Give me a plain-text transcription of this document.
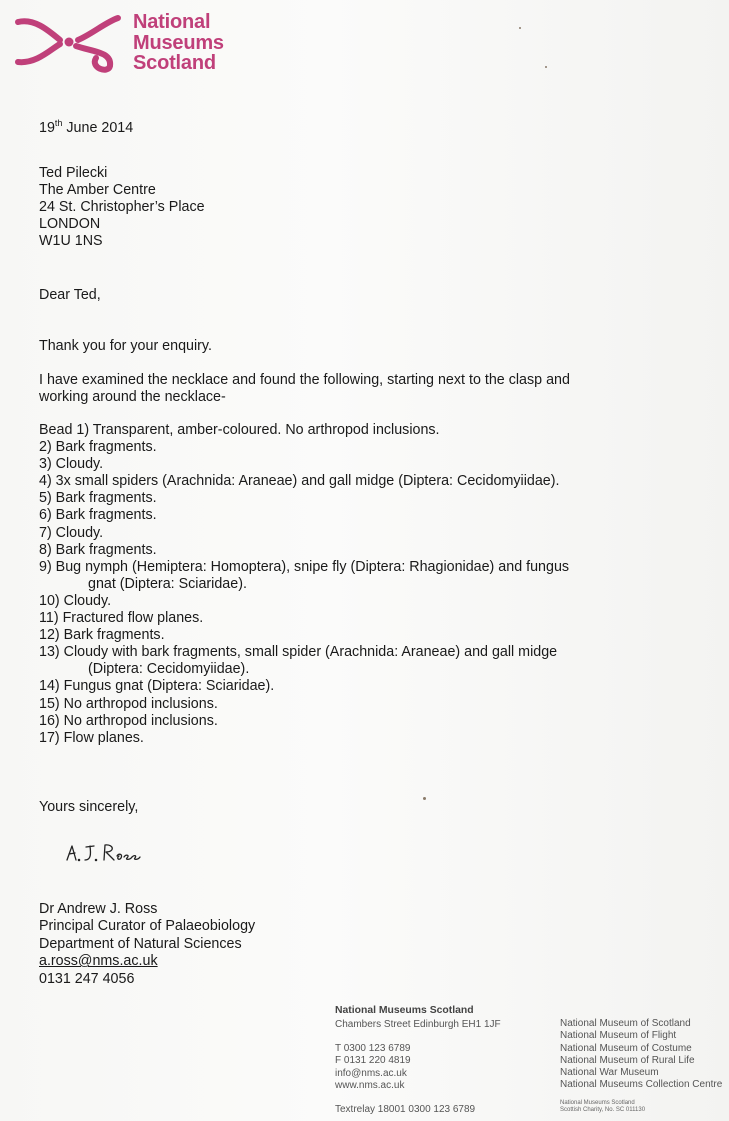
National
Museums
Scotland
19th June 2014
Ted Pilecki
The Amber Centre
24 St. Christopher’s Place
LONDON
W1U 1NS
Dear Ted,
Thank you for your enquiry.
I have examined the necklace and found the following, starting next to the clasp and
working around the necklace-
Bead 1) Transparent, amber-coloured. No arthropod inclusions.
2) Bark fragments.
3) Cloudy.
4) 3x small spiders (Arachnida: Araneae) and gall midge (Diptera: Cecidomyiidae).
5) Bark fragments.
6) Bark fragments.
7) Cloudy.
8) Bark fragments.
9) Bug nymph (Hemiptera: Homoptera), snipe fly (Diptera: Rhagionidae) and fungus
gnat (Diptera: Sciaridae).
10) Cloudy.
11) Fractured flow planes.
12) Bark fragments.
13) Cloudy with bark fragments, small spider (Arachnida: Araneae) and gall midge
(Diptera: Cecidomyiidae).
14) Fungus gnat (Diptera: Sciaridae).
15) No arthropod inclusions.
16) No arthropod inclusions.
17) Flow planes.
Yours sincerely,
Dr Andrew J. Ross
Principal Curator of Palaeobiology
Department of Natural Sciences
a.ross@nms.ac.uk
0131 247 4056
National Museums Scotland
Chambers Street Edinburgh EH1 1JF
T 0300 123 6789
F 0131 220 4819
info@nms.ac.uk
www.nms.ac.uk
Textrelay 18001 0300 123 6789
National Museum of Scotland
National Museum of Flight
National Museum of Costume
National Museum of Rural Life
National War Museum
National Museums Collection Centre
National Museums Scotland
Scottish Charity, No. SC 011130
